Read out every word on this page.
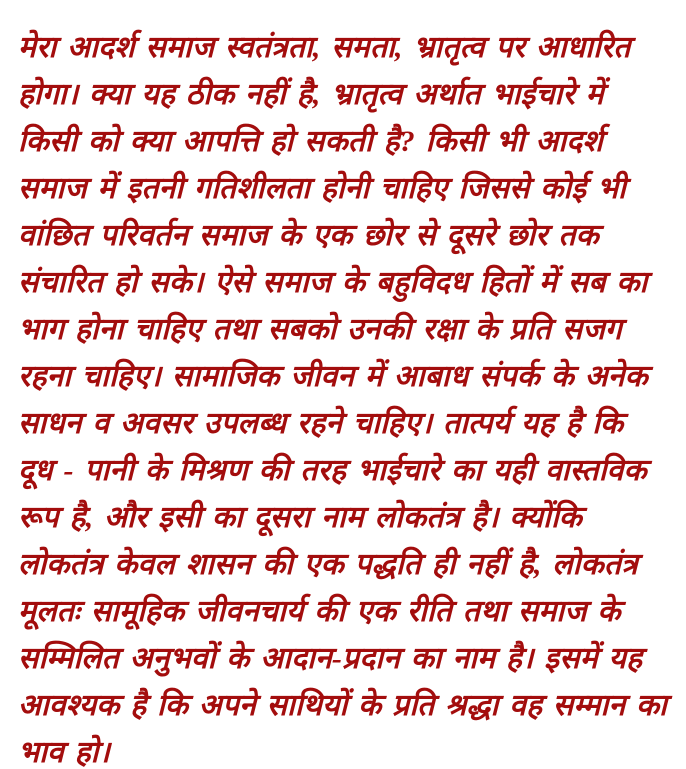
मेरा आदर्श समाज स्वतंत्रता, समता, भ्रातृत्व पर आधारित होगा। क्या यह ठीक नहीं है, भ्रातृत्व अर्थात भाईचारे में किसी को क्या आपत्ति हो सकती है? किसी भी आदर्श समाज में इतनी गतिशीलता होनी चाहिए जिससे कोई भी वांछित परिवर्तन समाज के एक छोर से दूसरे छोर तक संचारित हो सके। ऐसे समाज के बहुविदध हितों में सब का भाग होना चाहिए तथा सबको उनकी रक्षा के प्रति सजग रहना चाहिए। सामाजिक जीवन में आबाध संपर्क के अनेक साधन व अवसर उपलब्ध रहने चाहिए। तात्पर्य यह है कि दूध - पानी के मिश्रण की तरह भाईचारे का यही वास्तविक रूप है, और इसी का दूसरा नाम लोकतंत्र है। क्योंकि लोकतंत्र केवल शासन की एक पद्धति ही नहीं है, लोकतंत्र मूलतः सामूहिक जीवनचार्य की एक रीति तथा समाज के सम्मिलित अनुभवों के आदान-प्रदान का नाम है। इसमें यह आवश्यक है कि अपने साथियों के प्रति श्रद्धा वह सम्मान का भाव हो।
